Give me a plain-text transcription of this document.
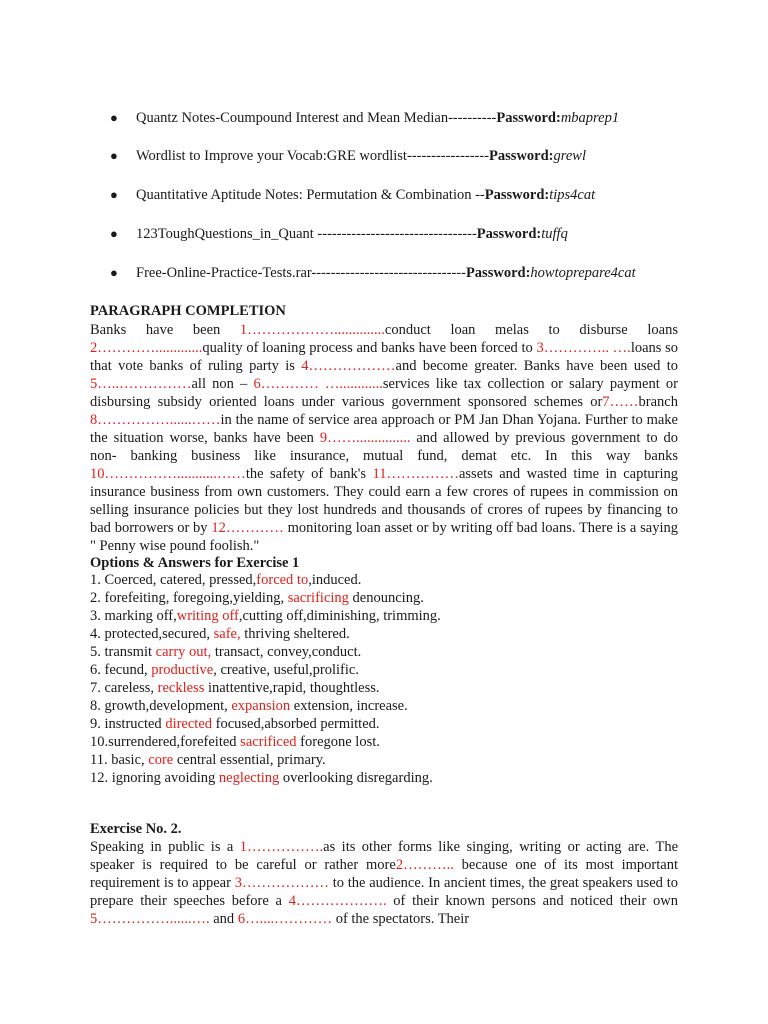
● Quantz Notes-Coumpound Interest and Mean Median----------Password:mbaprep1
● Wordlist to Improve your Vocab:GRE wordlist-----------------Password:grewl
● Quantitative Aptitude Notes: Permutation & Combination --Password:tips4cat
● 123ToughQuestions_in_Quant ---------------------------------Password:tuffq
● Free-Online-Practice-Tests.rar--------------------------------Password:howtoprepare4cat
PARAGRAPH COMPLETION

Banks have been 1………………..............conduct loan melas to disburse loans 2………….............quality of loaning process and banks have been forced to 3………….. ….loans so that vote banks of ruling party is 4………………and become greater. Banks have been used to 5…..……………all non – 6………… …............services like tax collection or salary payment or disbursing subsidy oriented loans under various government sponsored schemes or7……branch 8……………......……in the name of service area approach or PM Jan Dhan Yojana. Further to make the situation worse, banks have been 9……............... and allowed by previous government to do non- banking business like insurance, mutual fund, demat etc. In this way banks 10……………...........……the safety of bank's 11……………assets and wasted time in capturing insurance business from own customers. They could earn a few crores of rupees in commission on selling insurance policies but they lost hundreds and thousands of crores of rupees by financing to bad borrowers or by 12………… monitoring loan asset or by writing off bad loans. There is a saying " Penny wise pound foolish."

Options & Answers for Exercise 1
1. Coerced, catered, pressed,forced to,induced.
2. forefeiting, foregoing,yielding, sacrificing denouncing.
3. marking off,writing off,cutting off,diminishing, trimming.
4. protected,secured, safe, thriving sheltered.
5. transmit carry out, transact, convey,conduct.
6. fecund, productive, creative, useful,prolific.
7. careless, reckless inattentive,rapid, thoughtless.
8. growth,development, expansion extension, increase.
9. instructed directed focused,absorbed permitted.
10.surrendered,forefeited sacrificed foregone lost.
11. basic, core central essential, primary.
12. ignoring avoiding neglecting overlooking disregarding.
Exercise No. 2.

Speaking in public is a 1…………….as its other forms like singing, writing or acting are. The speaker is required to be careful or rather more2……….. because one of its most important requirement is to appear 3……………… to the audience. In ancient times, the great speakers used to prepare their speeches before a 4………………. of their known persons and noticed their own 5……………......…. and 6…....………… of the spectators. Their
